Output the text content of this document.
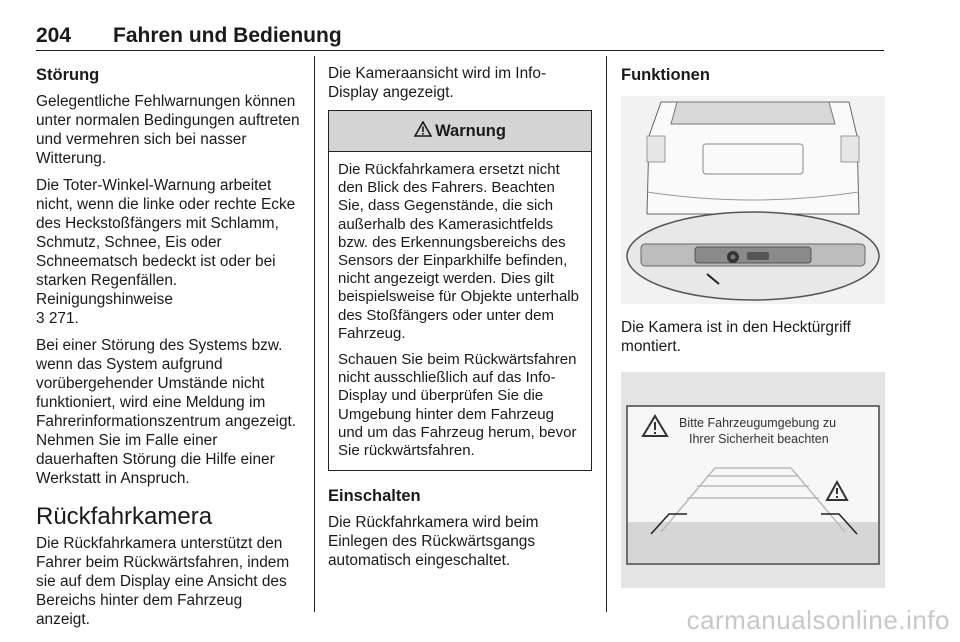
204 Fahren und Bedienung
Störung

Gelegentliche Fehlwarnungen können unter normalen Bedingungen auftreten und vermehren sich bei nasser Witterung.

Die Toter-Winkel-Warnung arbeitet nicht, wenn die linke oder rechte Ecke des Heckstoßfängers mit Schlamm, Schmutz, Schnee, Eis oder Schneematsch bedeckt ist oder bei starken Regenfällen. Reinigungshinweise
3 271.

Bei einer Störung des Systems bzw. wenn das System aufgrund vorübergehender Umstände nicht funktioniert, wird eine Meldung im Fahrerinformationszentrum angezeigt. Nehmen Sie im Falle einer dauerhaften Störung die Hilfe einer Werkstatt in Anspruch.

Rückfahrkamera

Die Rückfahrkamera unterstützt den Fahrer beim Rückwärtsfahren, indem sie auf dem Display eine Ansicht des Bereichs hinter dem Fahrzeug anzeigt.

Die Kameraansicht wird im Info-Display angezeigt.

Warnung

Die Rückfahrkamera ersetzt nicht den Blick des Fahrers. Beachten Sie, dass Gegenstände, die sich außerhalb des Kamerasichtfelds bzw. des Erkennungsbereichs des Sensors der Einparkhilfe befinden, nicht angezeigt werden. Dies gilt beispielsweise für Objekte unterhalb des Stoßfängers oder unter dem Fahrzeug.

Schauen Sie beim Rückwärtsfahren nicht ausschließlich auf das Info-Display und überprüfen Sie die Umgebung hinter dem Fahrzeug und um das Fahrzeug herum, bevor Sie rückwärtsfahren.

Einschalten

Die Rückfahrkamera wird beim Einlegen des Rückwärtsgangs automatisch eingeschaltet.

Funktionen

Die Kamera ist in den Hecktürgriff montiert.

Bitte Fahrzeugumgebung zu
Ihrer Sicherheit beachten
carmanualsonline.info
